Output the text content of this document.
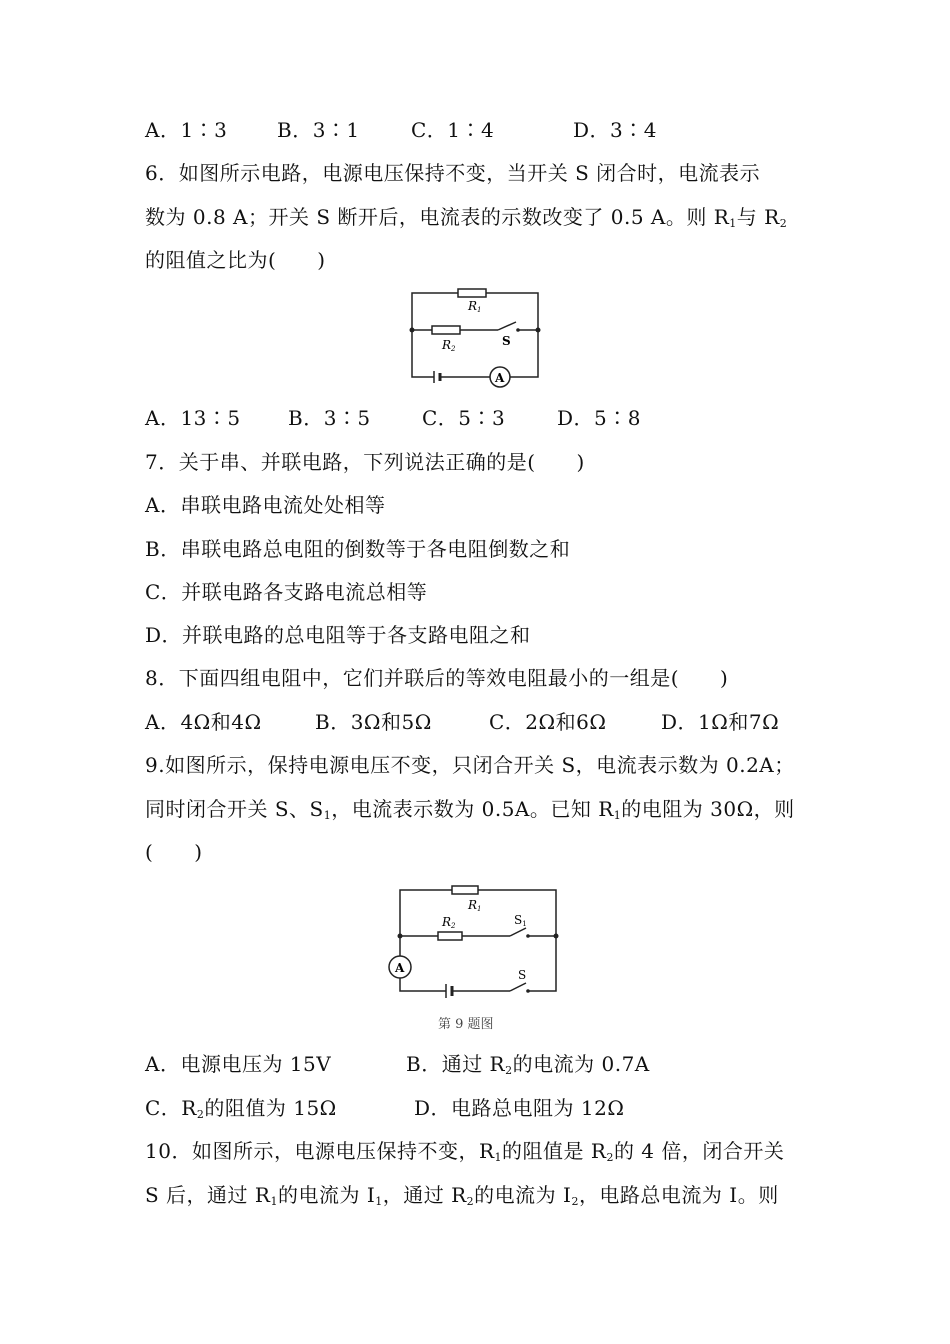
A．1∶3

B．3∶1

	C．1∶4

	D．3∶4

6．如图所示电路，电源电压保持不变，当开关 S 闭合时，电流表示
数为 0.8 A；开关 S 断开后，电流表的示数改变了 0.5 A。则 $R_1$与 $R_2$
的阻值之比为(　　)
R1
R2
S
A

A．13∶5

B．3∶5

	C．5∶3

	D．5∶8

7．关于串、并联电路，下列说法正确的是(　　)
A．串联电路电流处处相等
B．串联电路总电阻的倒数等于各电阻倒数之和
C．并联电路各支路电流总相等
D．并联电路的总电阻等于各支路电阻之和
8．下面四组电阻中，它们并联后的等效电阻最小的一组是(　　)

A．4Ω和4Ω

	B．3Ω和5Ω

	C．2Ω和6Ω

	D．1Ω和7Ω

9.如图所示，保持电源电压不变，只闭合开关 S，电流表示数为 0.2A；
同时闭合开关 S、$S_1$，电流表示数为 0.5A。已知 $R_1$的电阻为 30Ω，则
(　　)
R1
R2	S1
S
A
第 9 题图
A．电源电压为 15V	B．通过 $R_2$的电流为 0.7A
C．$R_2$的阻值为 15Ω	D．电路总电阻为 12Ω
10．如图所示，电源电压保持不变，$R_1$的阻值是 $R_2$的 4 倍，闭合开关
S 后，通过 $R_1$的电流为 $I_1$，通过 $R_2$的电流为 $I_2$，电路总电流为 I。则
